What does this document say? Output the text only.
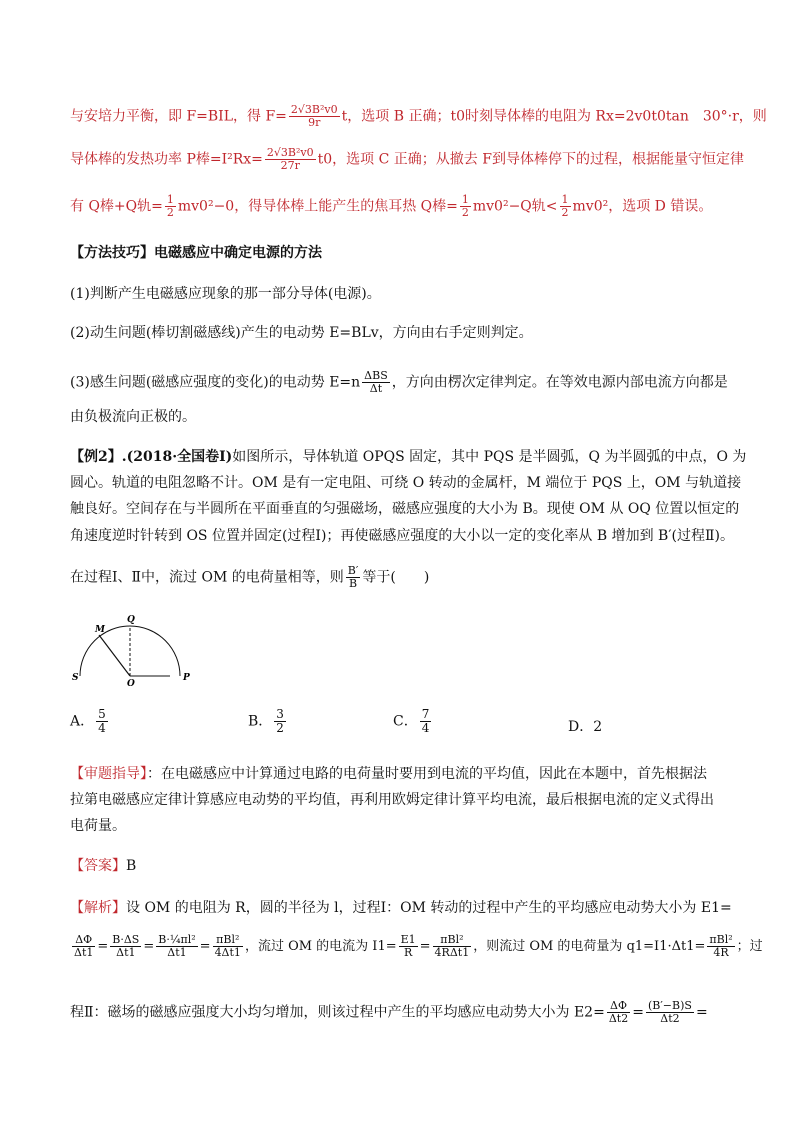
与安培力平衡，即 F=BIL，得 $F= \frac{\text{2√3B²v0}}{9r}$ t，选项 B 正确；t0时刻导体棒的电阻为 Rx=2v0t0tan　30°·r，则
导体棒的发热功率 P棒$=I^2Rx= \frac{\text{2√3B²v0}}{27r} t0$，选项 C 正确；从撤去 F到导体棒停下的过程，根据能量守恒定律
有 Q棒+Q轨= $\frac{1}{2} mv0^2-0$，得导体棒上能产生的焦耳热 Q棒= $\frac{1}{2} mv0^2-Q$轨< $\frac{1}{2} mv0^2$，选项 D 错误。
【方法技巧】电磁感应中确定电源的方法
(1)判断产生电磁感应现象的那一部分导体(电源)。
(2)动生问题(棒切割磁感线)产生的电动势 E=BLv，方向由右手定则判定。
(3)感生问题(磁感应强度的变化)的电动势 $E=n \frac{\text{ΔBS}}{\Delta t}$ ，方向由楞次定律判定。在等效电源内部电流方向都是
由负极流向正极的。
【例2】.(2018·全国卷Ⅰ)如图所示，导体轨道 OPQS 固定，其中 PQS 是半圆弧，Q 为半圆弧的中点，O 为
圆心。轨道的电阻忽略不计。OM 是有一定电阻、可绕 O 转动的金属杆，M 端位于 PQS 上，OM 与轨道接
触良好。空间存在与半圆所在平面垂直的匀强磁场，磁感应强度的大小为 B。现使 OM 从 OQ 位置以恒定的
角速度逆时针转到 OS 位置并固定(过程Ⅰ)；再使磁感应强度的大小以一定的变化率从 B 增加到 B′(过程Ⅱ)。
在过程Ⅰ、Ⅱ中，流过 OM 的电荷量相等，则 $\frac{B'}{B}$ 等于(　　)
M
Q
S
O
P
A． $\frac{5}{4}$	B． $\frac{3}{2}$	C． $\frac{7}{4}$	D．2
【审题指导】：在电磁感应中计算通过电路的电荷量时要用到电流的平均值，因此在本题中，首先根据法
拉第电磁感应定律计算感应电动势的平均值，再利用欧姆定律计算平均电流，最后根据电流的定义式得出
电荷量。
【答案】B
【解析】设 OM 的电阻为 R，圆的半径为 l，过程Ⅰ：OM 转动的过程中产生的平均感应电动势大小为 E1=
$\frac{\Delta\Phi}{\Delta t1} = \frac{B\cdot\Delta S}{\Delta t1} = \frac{\text{B·¼πl²}}{\Delta t1} = \frac{\text{πBl²}}{4\Delta t1}$ ，流过 OM 的电流为 $I1= \frac{E1}{R} = \frac{\text{πBl²}}{\text{4RΔt1}}$ ，则流过 OM 的电荷量为 $q1=I1\cdot\Delta t1= \frac{\text{πBl²}}{4R}$ ；过
程Ⅱ：磁场的磁感应强度大小均匀增加，则该过程中产生的平均感应电动势大小为 $E2= \frac{\Delta\Phi}{\Delta t2} = \frac{(B'-B)S}{\Delta t2}$ =
